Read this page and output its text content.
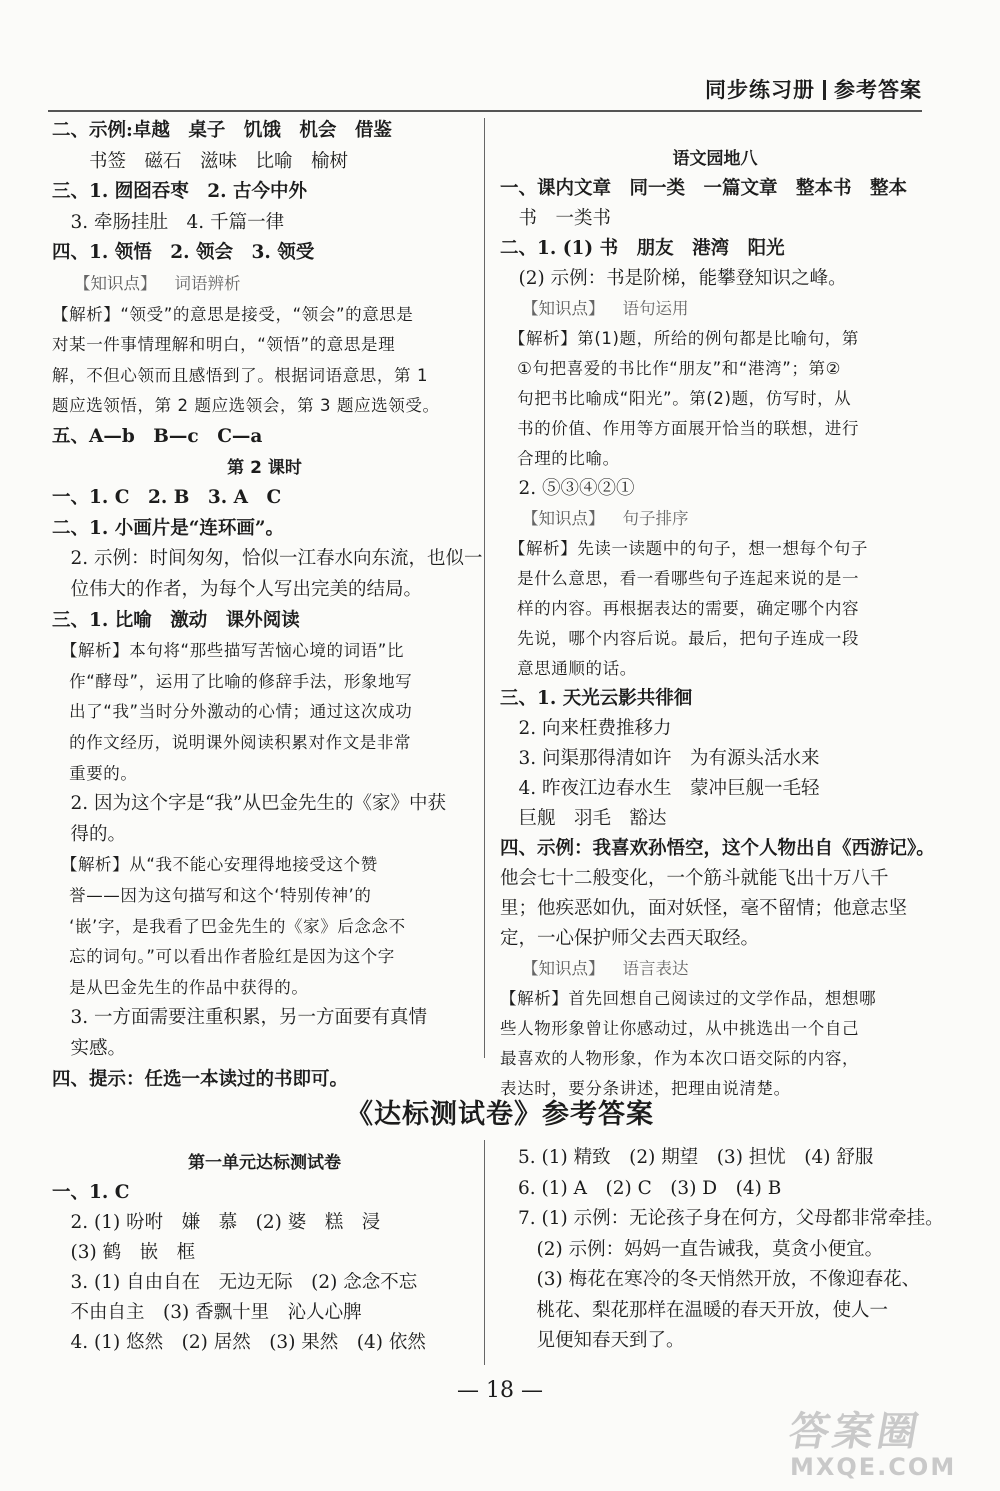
同步练习册 参考答案
二、示例:卓越　桌子　饥饿　机会　借鉴
　　书签　磁石　滋味　比喻　榆树
三、1. 囫囵吞枣　2. 古今中外
　3. 牵肠挂肚　4. 千篇一律
四、1. 领悟　2. 领会　3. 领受
【知识点】 词语辨析
【解析】“领受”的意思是接受，“领会”的意思是
对某一件事情理解和明白，“领悟”的意思是理
解，不但心领而且感悟到了。根据词语意思，第 1
题应选领悟，第 2 题应选领会，第 3 题应选领受。
五、A—b　B—c　C—a
第 2 课时
一、1. C　2. B　3. A　C
二、1. 小画片是“连环画”。
　2. 示例：时间匆匆，恰似一江春水向东流，也似一
　位伟大的作者，为每个人写出完美的结局。
三、1. 比喻　激动　课外阅读
　【解析】本句将“那些描写苦恼心境的词语”比
　作“酵母”，运用了比喻的修辞手法，形象地写
　出了“我”当时分外激动的心情；通过这次成功
　的作文经历，说明课外阅读积累对作文是非常
　重要的。
　2. 因为这个字是“我”从巴金先生的《家》中获
　得的。
　【解析】从“我不能心安理得地接受这个赞
　誉——因为这句描写和这个‘特别传神’的
　‘嵌’字，是我看了巴金先生的《家》后念念不
　忘的词句。”可以看出作者脸红是因为这个字
　是从巴金先生的作品中获得的。
　3. 一方面需要注重积累，另一方面要有真情
　实感。
四、提示：任选一本读过的书即可。
语文园地八
一、课内文章　同一类　一篇文章　整本书　整本
　书　一类书
二、1. (1) 书　朋友　港湾　阳光
　(2) 示例：书是阶梯，能攀登知识之峰。
【知识点】 语句运用
　【解析】第(1)题，所给的例句都是比喻句，第
　①句把喜爱的书比作“朋友”和“港湾”；第②
　句把书比喻成“阳光”。第(2)题，仿写时，从
　书的价值、作用等方面展开恰当的联想，进行
　合理的比喻。
　2. ⑤③④②①
【知识点】 句子排序
　【解析】先读一读题中的句子，想一想每个句子
　是什么意思，看一看哪些句子连起来说的是一
　样的内容。再根据表达的需要，确定哪个内容
　先说，哪个内容后说。最后，把句子连成一段
　意思通顺的话。
三、1. 天光云影共徘徊
　2. 向来枉费推移力
　3. 问渠那得清如许　为有源头活水来
　4. 昨夜江边春水生　蒙冲巨舰一毛轻
　巨舰　羽毛　豁达
四、示例：我喜欢孙悟空，这个人物出自《西游记》。
他会七十二般变化，一个筋斗就能飞出十万八千
里；他疾恶如仇，面对妖怪，毫不留情；他意志坚
定，一心保护师父去西天取经。
【知识点】 语言表达
【解析】首先回想自己阅读过的文学作品，想想哪
些人物形象曾让你感动过，从中挑选出一个自己
最喜欢的人物形象，作为本次口语交际的内容，
表达时，要分条讲述，把理由说清楚。
《达标测试卷》参考答案
第一单元达标测试卷
一、1. C
　2. (1) 吩咐　嫌　慕　(2) 婆　糕　浸
　(3) 鹤　嵌　框
　3. (1) 自由自在　无边无际　(2) 念念不忘
　不由自主　(3) 香飘十里　沁人心脾
　4. (1) 悠然　(2) 居然　(3) 果然　(4) 依然
5. (1) 精致　(2) 期望　(3) 担忧　(4) 舒服
6. (1) A　(2) C　(3) D　(4) B
7. (1) 示例：无论孩子身在何方，父母都非常牵挂。
　(2) 示例：妈妈一直告诫我，莫贪小便宜。
　(3) 梅花在寒冷的冬天悄然开放，不像迎春花、
　桃花、梨花那样在温暖的春天开放，使人一
　见便知春天到了。
— 18 —
答案圈
MXQE.COM
